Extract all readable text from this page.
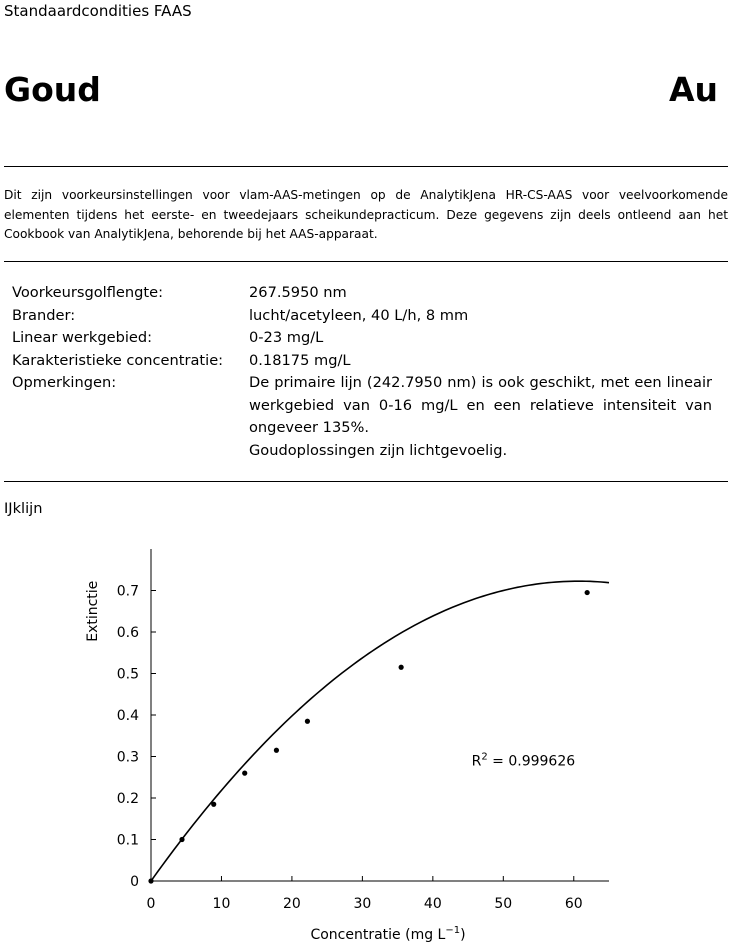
Standaardcondities FAAS
Goud	Au
Dit zijn voorkeursinstellingen voor vlam-AAS-metingen op de AnalytikJena HR-CS-AAS voor veelvoorkomende elementen tijdens het eerste- en tweedejaars scheikundepracticum. Deze gegevens zijn deels ontleend aan het Cookbook van AnalytikJena, behorende bij het AAS-apparaat.
Voorkeursgolflengte:	267.5950 nm
Brander:	lucht/acetyleen, 40 L/h, 8 mm
Linear werkgebied:	0-23 mg/L
Karakteristieke concentratie:	0.18175 mg/L
Opmerkingen:	De primaire lijn (242.7950 nm) is ook geschikt, met een lineair werkgebied van 0-16 mg/L en een relatieve intensiteit van ongeveer 135%.
Goudoplossingen zijn lichtgevoelig.
IJklijn
0	10	20	30	40	50	60
0
0.1
0.2
0.3
0.4
0.5
0.6
0.7
Extinctie
Concentratie (mg $L^{-1}$)
$R^2 = 0.999626$
